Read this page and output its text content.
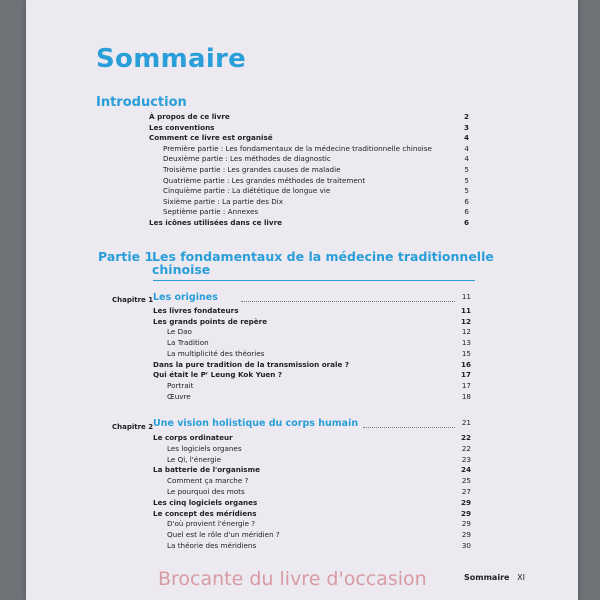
Sommaire
Introduction
À propos de ce livre	2
Les conventions	3
Comment ce livre est organisé	4
Première partie : Les fondamentaux de la médecine traditionnelle chinoise	4
Deuxième partie : Les méthodes de diagnostic	4
Troisième partie : Les grandes causes de maladie	5
Quatrième partie : Les grandes méthodes de traitement	5
Cinquième partie : La diététique de longue vie	5
Sixième partie : La partie des Dix	6
Septième partie : Annexes	6
Les icônes utilisées dans ce livre	6
Partie 1
Les fondamentaux de la médecine traditionnelle chinoise
Chapitre 1 Les origines	11
Les livres fondateurs	11
Les grands points de repère	12
Le Dao	12
La Tradition	13
La multiplicité des théories	15
Dans la pure tradition de la transmission orale ?	16
Qui était le Pʳ Leung Kok Yuen ?	17
Portrait	17
Œuvre	18
Chapitre 2 Une vision holistique du corps humain	21
Le corps ordinateur	22
Les logiciels organes	22
Le Qi, l'énergie	23
La batterie de l'organisme	24
Comment ça marche ?	25
Le pourquoi des mots	27
Les cinq logiciels organes	29
Le concept des méridiens	29
D'où provient l'énergie ?	29
Quel est le rôle d'un méridien ?	29
La théorie des méridiens	30
Sommaire XI
Brocante du livre d'occasion
